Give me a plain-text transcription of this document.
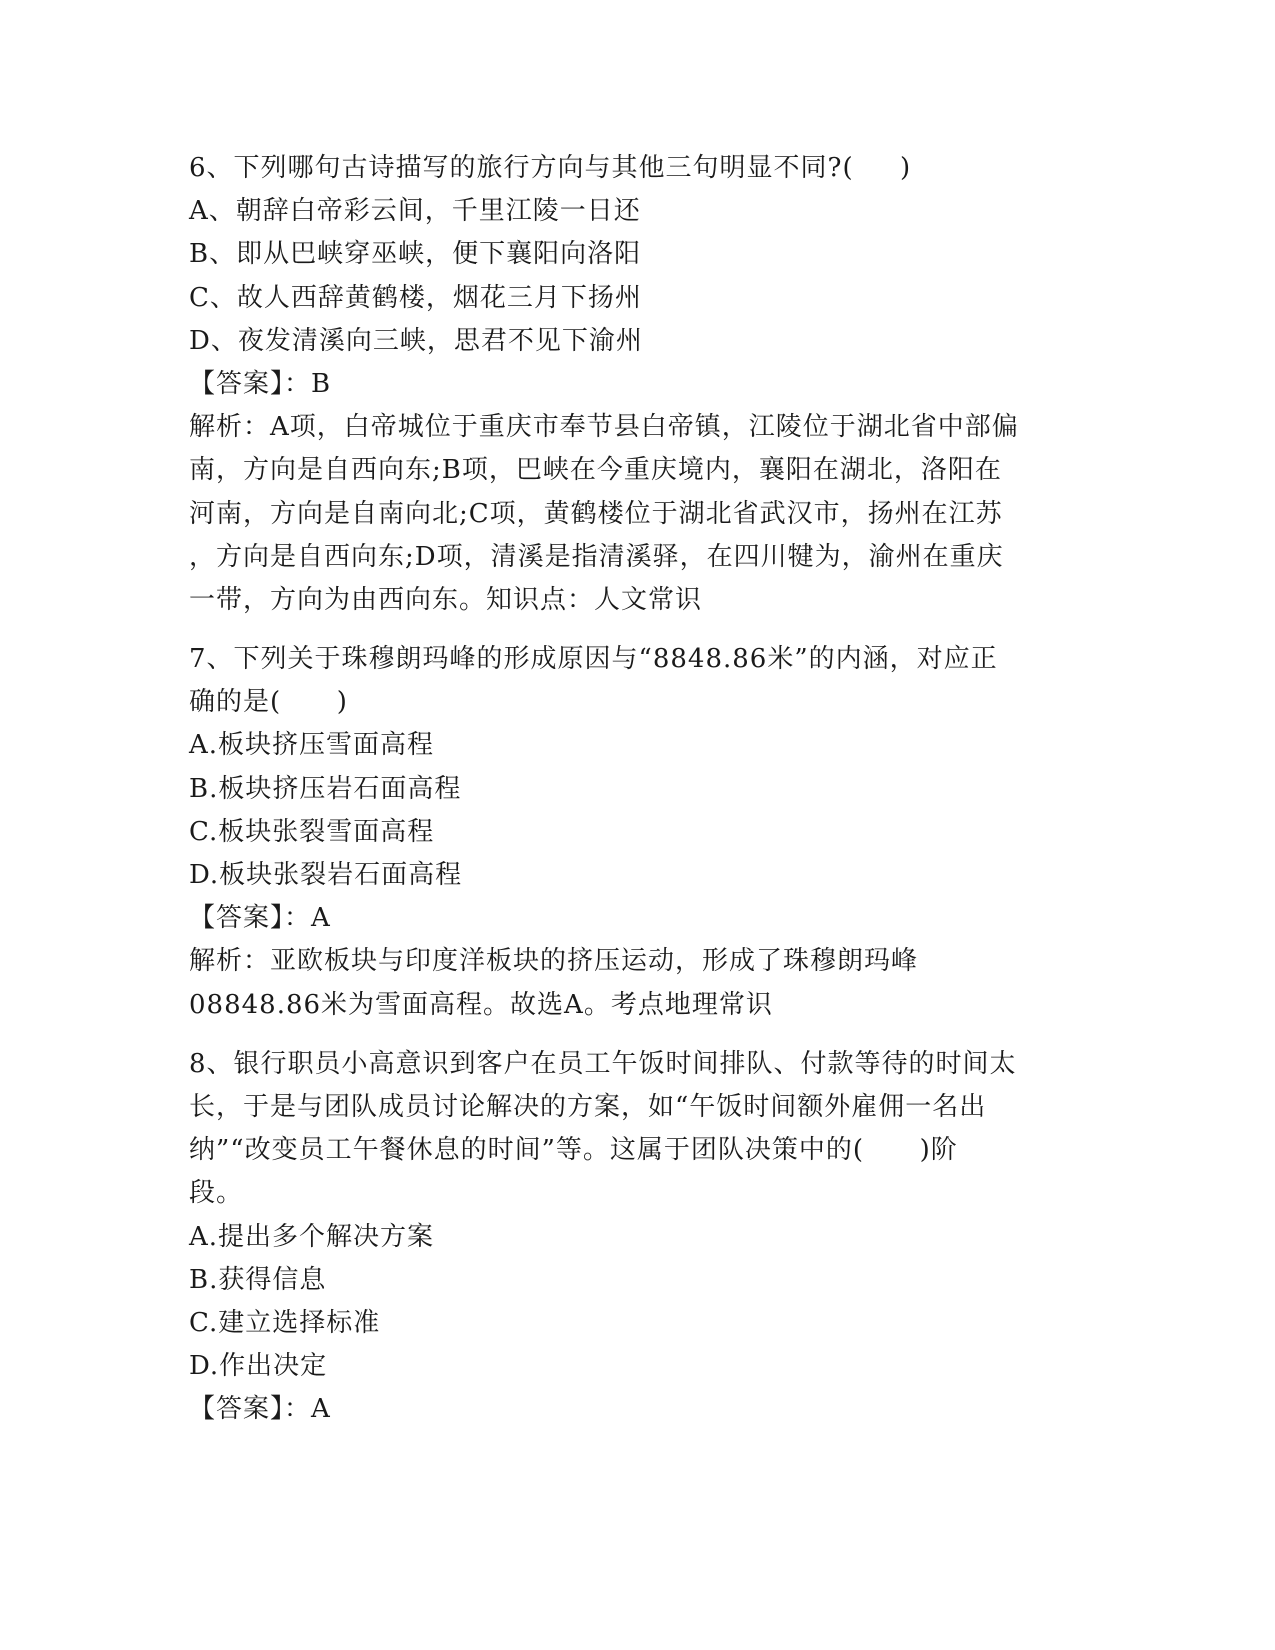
6、下列哪句古诗描写的旅行方向与其他三句明显不同?(     )
A、朝辞白帝彩云间，千里江陵一日还
B、即从巴峡穿巫峡，便下襄阳向洛阳
C、故人西辞黄鹤楼，烟花三月下扬州
D、夜发清溪向三峡，思君不见下渝州
【答案】：B
解析：A项，白帝城位于重庆市奉节县白帝镇，江陵位于湖北省中部偏
南，方向是自西向东;B项，巴峡在今重庆境内，襄阳在湖北，洛阳在
河南，方向是自南向北;C项，黄鹤楼位于湖北省武汉市，扬州在江苏
，方向是自西向东;D项，清溪是指清溪驿，在四川犍为，渝州在重庆
一带，方向为由西向东。知识点：人文常识
7、下列关于珠穆朗玛峰的形成原因与“8848.86米”的内涵，对应正
确的是(      )
A.板块挤压雪面高程
B.板块挤压岩石面高程
C.板块张裂雪面高程
D.板块张裂岩石面高程
【答案】：A
解析：亚欧板块与印度洋板块的挤压运动，形成了珠穆朗玛峰
08848.86米为雪面高程。故选A。考点地理常识
8、银行职员小高意识到客户在员工午饭时间排队、付款等待的时间太
长，于是与团队成员讨论解决的方案，如“午饭时间额外雇佣一名出
纳”“改变员工午餐休息的时间”等。这属于团队决策中的(      )阶
段。
A.提出多个解决方案
B.获得信息
C.建立选择标准
D.作出决定
【答案】：A
